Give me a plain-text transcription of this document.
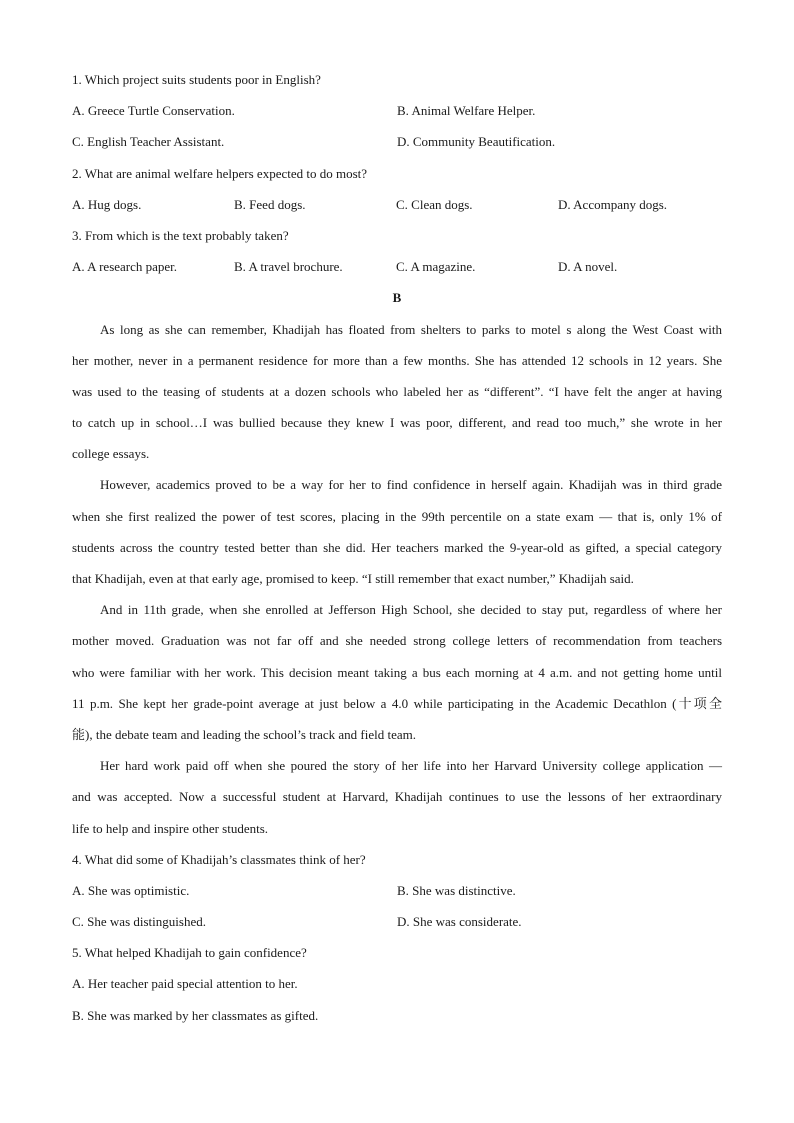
1. Which project suits students poor in English?
A. Greece Turtle Conservation.	B. Animal Welfare Helper.
C. English Teacher Assistant.	D. Community Beautification.
2. What are animal welfare helpers expected to do most?
A. Hug dogs.	B. Feed dogs.	C. Clean dogs.	D. Accompany dogs.
3. From which is the text probably taken?
A. A research paper.	B. A travel brochure.	C. A magazine.	D. A novel.
B
As long as she can remember, Khadijah has floated from shelters to parks to motel s along the West Coast with
her mother, never in a permanent residence for more than a few months. She has attended 12 schools in 12 years. She
was used to the teasing of students at a dozen schools who labeled her as “different”. “I have felt the anger at having
to catch up in school…I was bullied because they knew I was poor, different, and read too much,” she wrote in her
college essays.
However, academics proved to be a way for her to find confidence in herself again. Khadijah was in third grade
when she first realized the power of test scores, placing in the 99th percentile on a state exam — that is, only 1% of
students across the country tested better than she did. Her teachers marked the 9-year-old as gifted, a special category
that Khadijah, even at that early age, promised to keep. “I still remember that exact number,” Khadijah said.
And in 11th grade, when she enrolled at Jefferson High School, she decided to stay put, regardless of where her
mother moved. Graduation was not far off and she needed strong college letters of recommendation from teachers
who were familiar with her work. This decision meant taking a bus each morning at 4 a.m. and not getting home until
11 p.m. She kept her grade-point average at just below a 4.0 while participating in the Academic Decathlon (十项全
能), the debate team and leading the school’s track and field team.
Her hard work paid off when she poured the story of her life into her Harvard University college application —
and was accepted. Now a successful student at Harvard, Khadijah continues to use the lessons of her extraordinary
life to help and inspire other students.
4. What did some of Khadijah’s classmates think of her?
A. She was optimistic.	B. She was distinctive.
C. She was distinguished.	D. She was considerate.
5. What helped Khadijah to gain confidence?
A. Her teacher paid special attention to her.
B. She was marked by her classmates as gifted.
